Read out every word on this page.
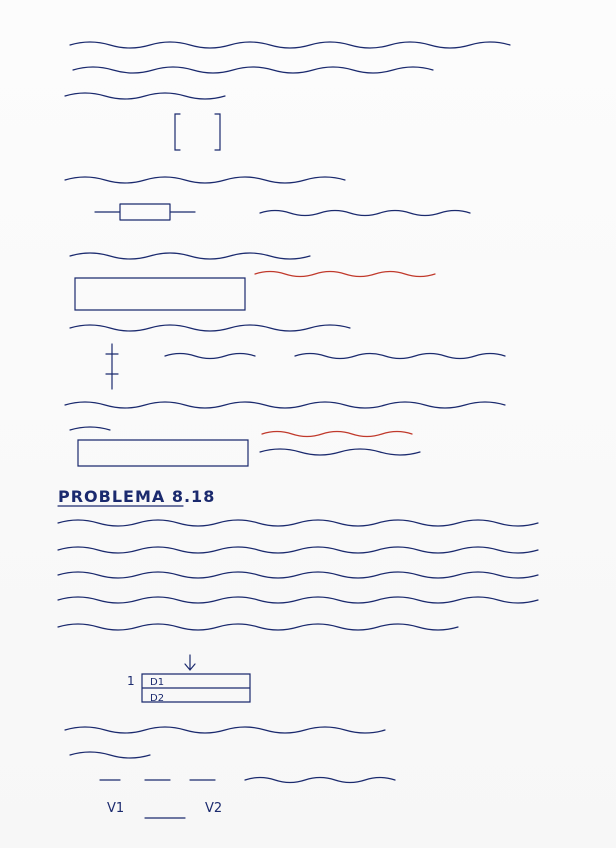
PROBLEMA 8.18
1 D1
D2
V1	V2
